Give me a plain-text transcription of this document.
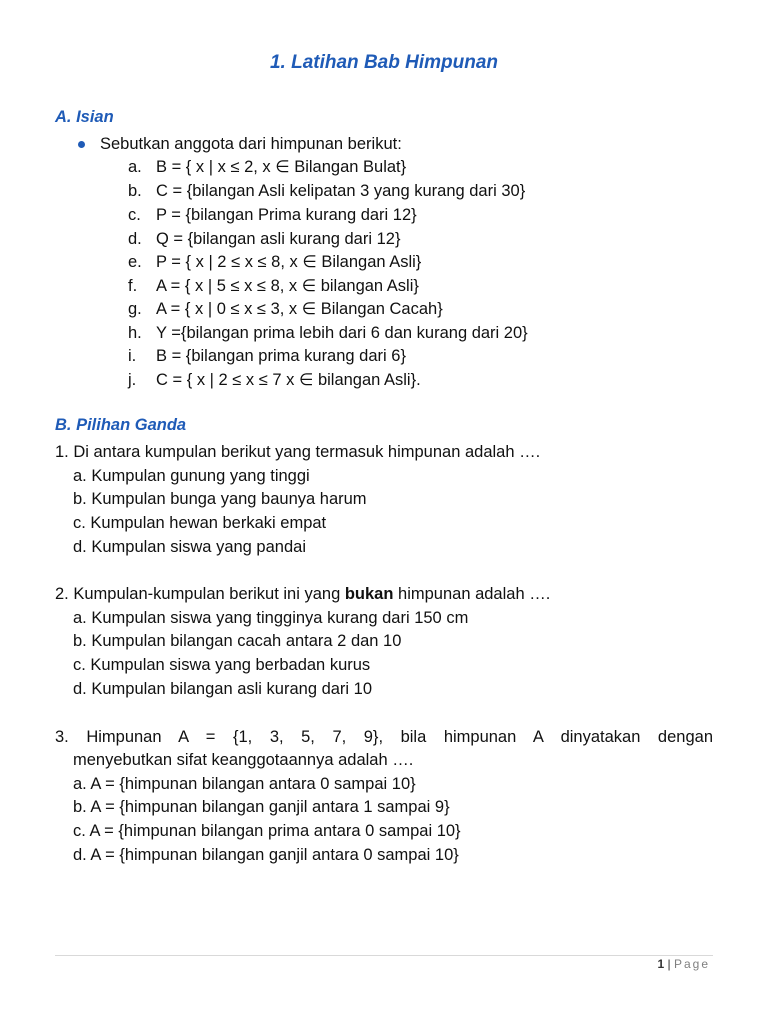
1. Latihan Bab Himpunan
A. Isian
Sebutkan anggota dari himpunan berikut:
a. B = { x | x ≤ 2, x ∈ Bilangan Bulat}
b. C = {bilangan Asli kelipatan 3 yang kurang dari 30}
c. P = {bilangan Prima kurang dari 12}
d. Q = {bilangan asli kurang dari 12}
e. P = { x | 2 ≤ x ≤ 8, x ∈ Bilangan Asli}
f. A = { x | 5 ≤ x ≤ 8, x ∈ bilangan Asli}
g. A = { x | 0 ≤ x ≤ 3, x ∈ Bilangan Cacah}
h. Y ={bilangan prima lebih dari 6 dan kurang dari 20}
i. B = {bilangan prima kurang dari 6}
j. C = { x | 2 ≤ x ≤ 7 x ∈ bilangan Asli}.
B. Pilihan Ganda
1. Di antara kumpulan berikut yang termasuk himpunan adalah ….
a. Kumpulan gunung yang tinggi
b. Kumpulan bunga yang baunya harum
c. Kumpulan hewan berkaki empat
d. Kumpulan siswa yang pandai
2. Kumpulan-kumpulan berikut ini yang bukan himpunan adalah ….
a. Kumpulan siswa yang tingginya kurang dari 150 cm
b. Kumpulan bilangan cacah antara 2 dan 10
c. Kumpulan siswa yang berbadan kurus
d. Kumpulan bilangan asli kurang dari 10
3. Himpunan A = {1, 3, 5, 7, 9}, bila himpunan A dinyatakan dengan
menyebutkan sifat keanggotaannya adalah ….
a. A = {himpunan bilangan antara 0 sampai 10}
b. A = {himpunan bilangan ganjil antara 1 sampai 9}
c. A = {himpunan bilangan prima antara 0 sampai 10}
d. A = {himpunan bilangan ganjil antara 0 sampai 10}
1 | Page
